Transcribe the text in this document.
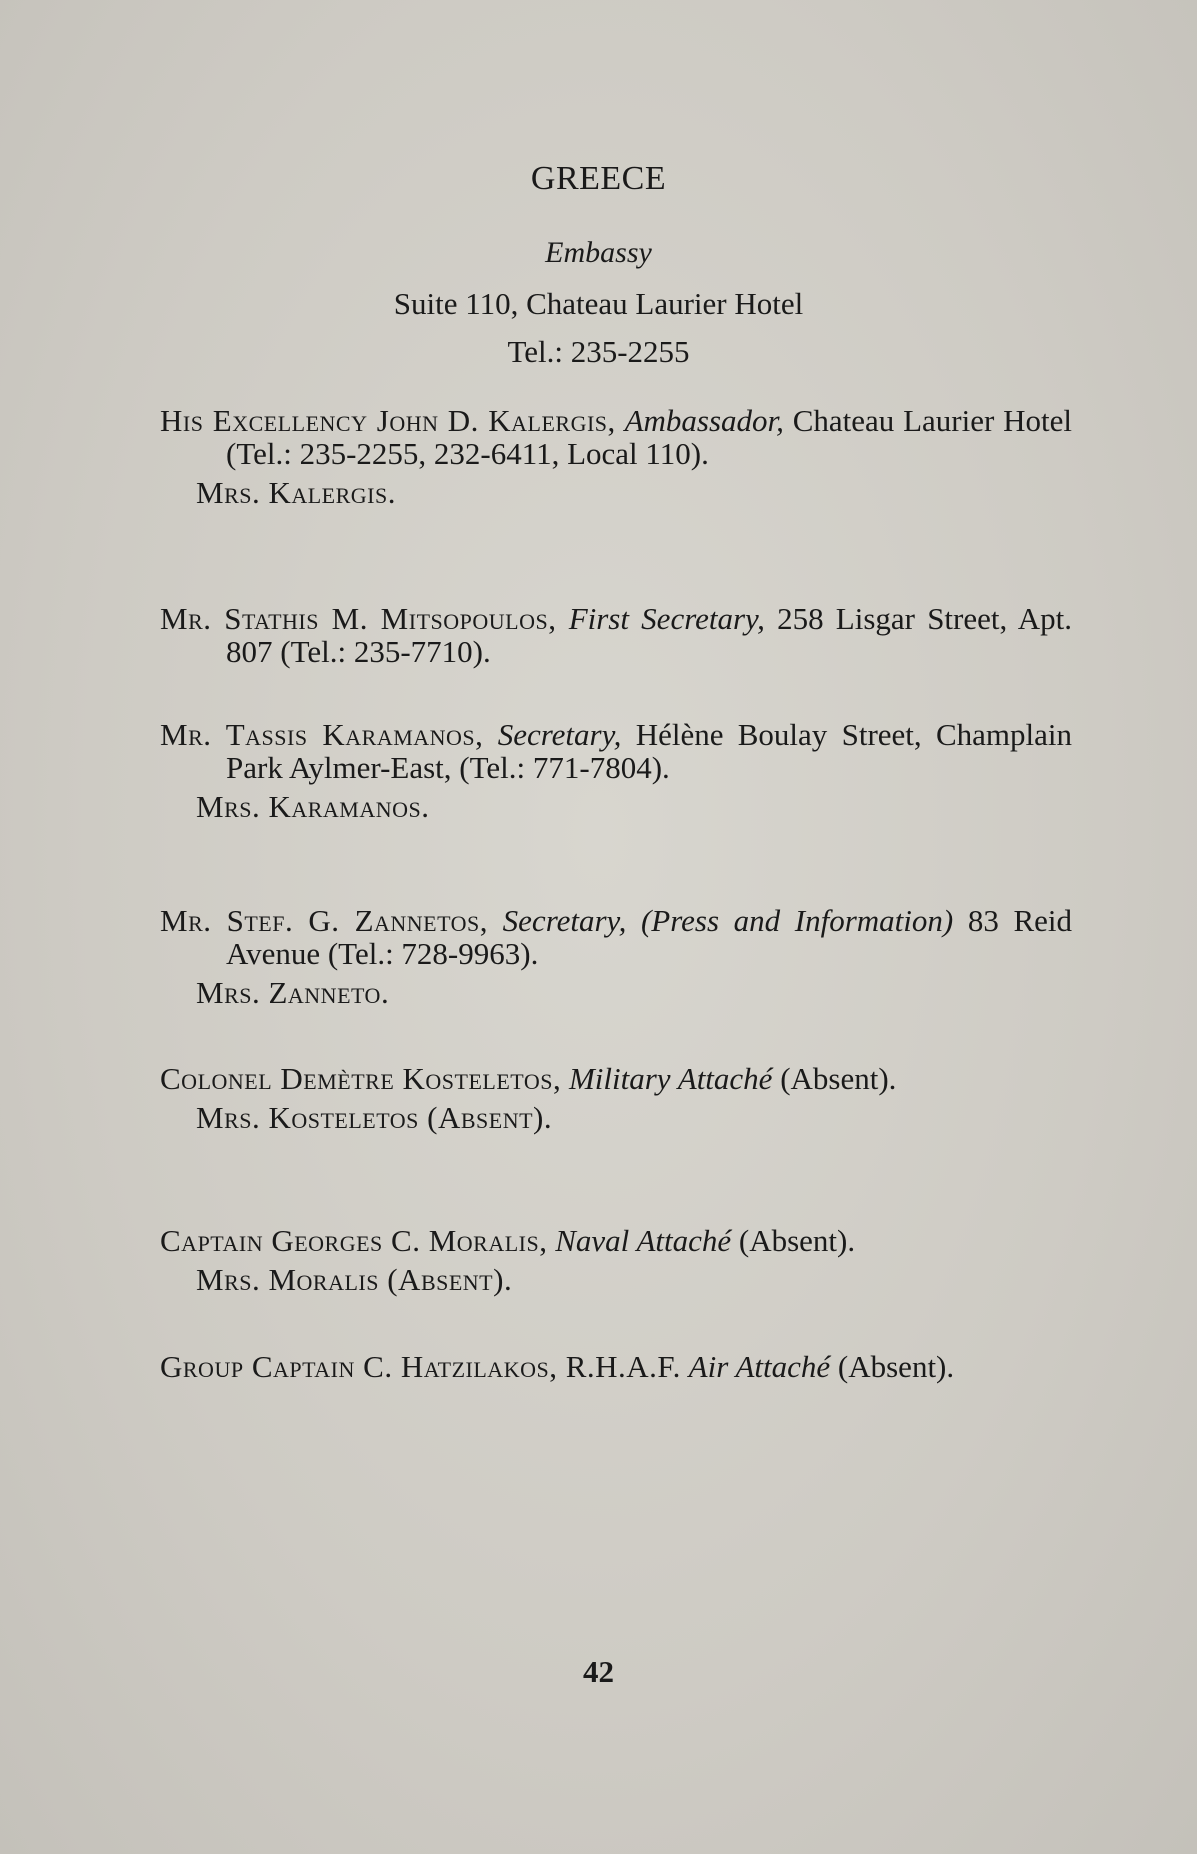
GREECE
Embassy
Suite 110, Chateau Laurier Hotel
Tel.: 235-2255
His Excellency John D. Kalergis, Ambassador, Chateau Laurier Hotel (Tel.: 235-2255, 232-6411, Local 110).
Mrs. Kalergis.
Mr. Stathis M. Mitsopoulos, First Secretary, 258 Lisgar Street, Apt. 807 (Tel.: 235-7710).
Mr. Tassis Karamanos, Secretary, Hélène Boulay Street, Champlain Park Aylmer-East, (Tel.: 771-7804).
Mrs. Karamanos.
Mr. Stef. G. Zannetos, Secretary, (Press and Information) 83 Reid Avenue (Tel.: 728-9963).
Mrs. Zanneto.
Colonel Demètre Kosteletos, Military Attaché (Absent).
Mrs. Kosteletos (Absent).
Captain Georges C. Moralis, Naval Attaché (Absent).
Mrs. Moralis (Absent).
Group Captain C. Hatzilakos, R.H.A.F. Air Attaché (Absent).
42
